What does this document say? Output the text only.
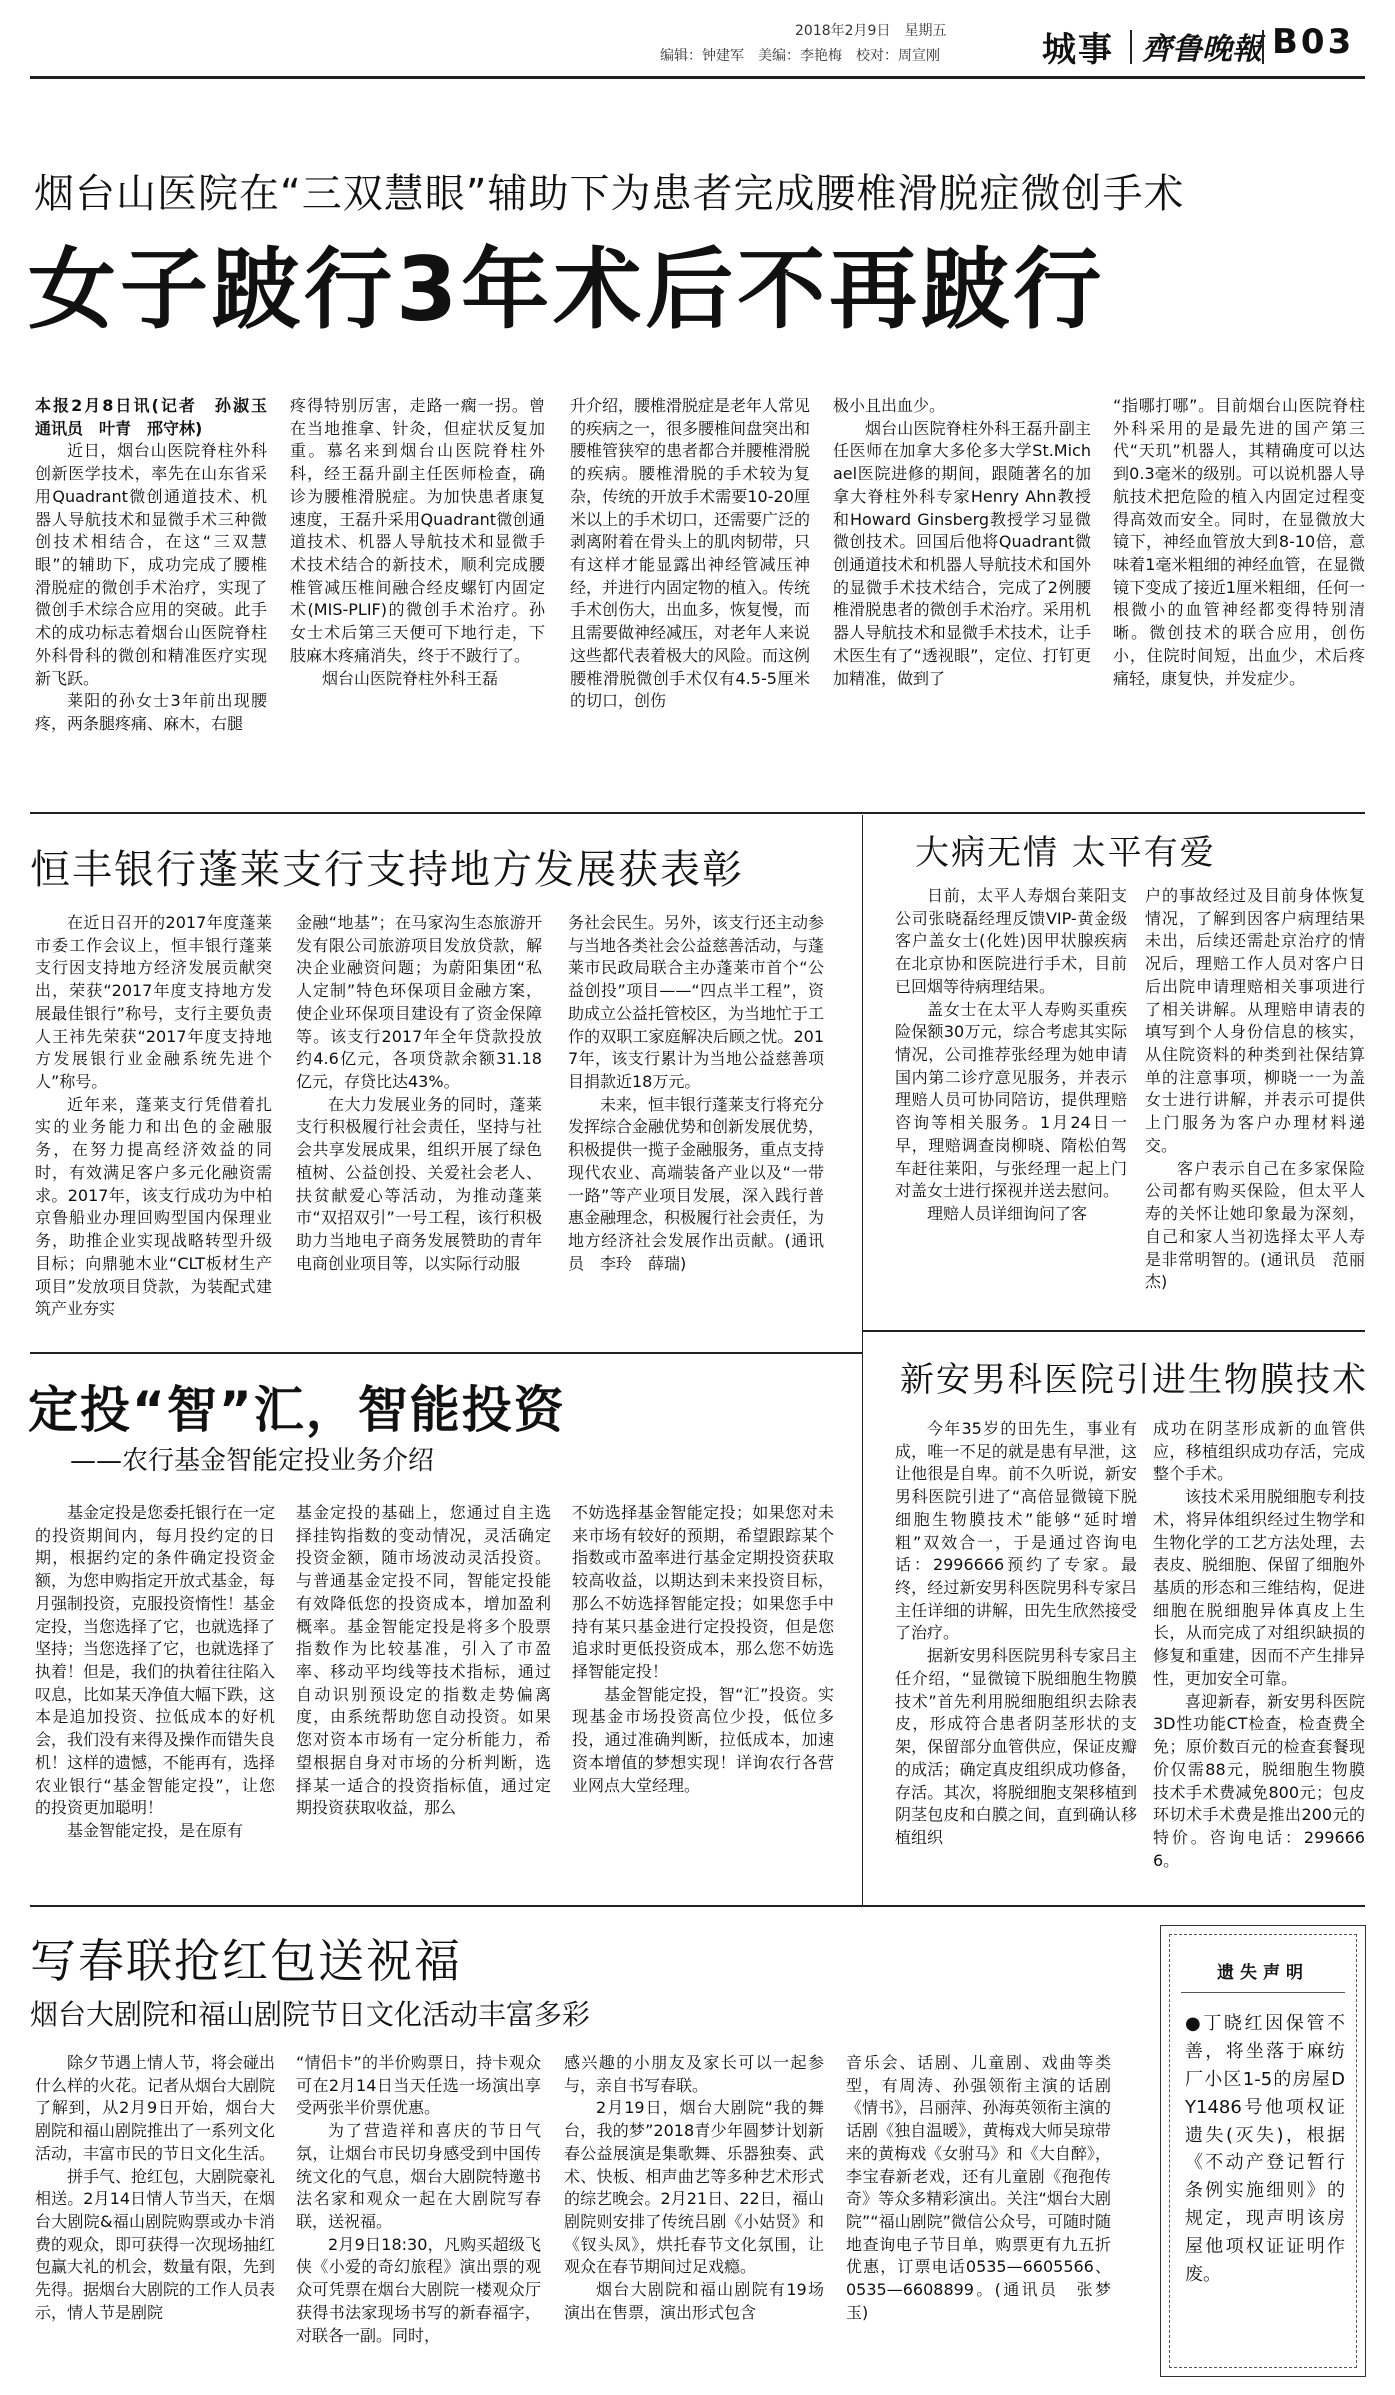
2018年2月9日　星期五
编辑：钟建军　美编：李艳梅　校对：周宣刚	城事 齊鲁晚報 B03
烟台山医院在“三双慧眼”辅助下为患者完成腰椎滑脱症微创手术
女子跛行3年术后不再跛行

本报2月8日讯(记者　孙淑玉　通讯员　叶青　邢守林)

近日，烟台山医院脊柱外科创新医学技术，率先在山东省采用Quadrant微创通道技术、机器人导航技术和显微手术三种微创技术相结合，在这“三双慧眼”的辅助下，成功完成了腰椎滑脱症的微创手术治疗，实现了微创手术综合应用的突破。此手术的成功标志着烟台山医院脊柱外科骨科的微创和精准医疗实现新飞跃。

莱阳的孙女士3年前出现腰疼，两条腿疼痛、麻木，右腿

疼得特别厉害，走路一瘸一拐。曾在当地推拿、针灸，但症状反复加重。慕名来到烟台山医院脊柱外科，经王磊升副主任医师检查，确诊为腰椎滑脱症。为加快患者康复速度，王磊升采用Quadrant微创通道技术、机器人导航技术和显微手术技术结合的新技术，顺利完成腰椎管减压椎间融合经皮螺钉内固定术(MIS-PLIF)的微创手术治疗。孙女士术后第三天便可下地行走，下肢麻木疼痛消失，终于不跛行了。

烟台山医院脊柱外科王磊

升介绍，腰椎滑脱症是老年人常见的疾病之一，很多腰椎间盘突出和腰椎管狭窄的患者都合并腰椎滑脱的疾病。腰椎滑脱的手术较为复杂，传统的开放手术需要10-20厘米以上的手术切口，还需要广泛的剥离附着在骨头上的肌肉韧带，只有这样才能显露出神经管减压神经，并进行内固定物的植入。传统手术创伤大，出血多，恢复慢，而且需要做神经减压，对老年人来说这些都代表着极大的风险。而这例腰椎滑脱微创手术仅有4.5-5厘米的切口，创伤

极小且出血少。

烟台山医院脊柱外科王磊升副主任医师在加拿大多伦多大学St.Michael医院进修的期间，跟随著名的加拿大脊柱外科专家Henry Ahn教授和Howard Ginsberg教授学习显微微创技术。回国后他将Quadrant微创通道技术和机器人导航技术和国外的显微手术技术结合，完成了2例腰椎滑脱患者的微创手术治疗。采用机器人导航技术和显微手术技术，让手术医生有了“透视眼”，定位、打钉更加精准，做到了

“指哪打哪”。目前烟台山医院脊柱外科采用的是最先进的国产第三代“天玑”机器人，其精确度可以达到0.3毫米的级别。可以说机器人导航技术把危险的植入内固定过程变得高效而安全。同时，在显微放大镜下，神经血管放大到8-10倍，意味着1毫米粗细的神经血管，在显微镜下变成了接近1厘米粗细，任何一根微小的血管神经都变得特别清晰。微创技术的联合应用，创伤小，住院时间短，出血少，术后疼痛轻，康复快，并发症少。

恒丰银行蓬莱支行支持地方发展获表彰

在近日召开的2017年度蓬莱市委工作会议上，恒丰银行蓬莱支行因支持地方经济发展贡献突出，荣获“2017年度支持地方发展最佳银行”称号，支行主要负责人王祎先荣获“2017年度支持地方发展银行业金融系统先进个人”称号。

近年来，蓬莱支行凭借着扎实的业务能力和出色的金融服务，在努力提高经济效益的同时，有效满足客户多元化融资需求。2017年，该支行成功为中柏京鲁船业办理回购型国内保理业务，助推企业实现战略转型升级目标；向鼎驰木业“CLT板材生产项目”发放项目贷款，为装配式建筑产业夯实

金融“地基”；在马家沟生态旅游开发有限公司旅游项目发放贷款，解决企业融资问题；为蔚阳集团“私人定制”特色环保项目金融方案，使企业环保项目建设有了资金保障等。该支行2017年全年贷款投放约4.6亿元，各项贷款余额31.18亿元，存贷比达43%。

在大力发展业务的同时，蓬莱支行积极履行社会责任，坚持与社会共享发展成果，组织开展了绿色植树、公益创投、关爱社会老人、扶贫献爱心等活动，为推动蓬莱市“双招双引”一号工程，该行积极助力当地电子商务发展赞助的青年电商创业项目等，以实际行动服

务社会民生。另外，该支行还主动参与当地各类社会公益慈善活动，与蓬莱市民政局联合主办蓬莱市首个“公益创投”项目——“四点半工程”，资助成立公益托管校区，为当地忙于工作的双职工家庭解决后顾之忧。2017年，该支行累计为当地公益慈善项目捐款近18万元。

未来，恒丰银行蓬莱支行将充分发挥综合金融优势和创新发展优势，积极提供一揽子金融服务，重点支持现代农业、高端装备产业以及“一带一路”等产业项目发展，深入践行普惠金融理念，积极履行社会责任，为地方经济社会发展作出贡献。(通讯员　李玲　薛瑞)

大病无情 太平有爱

日前，太平人寿烟台莱阳支公司张晓磊经理反馈VIP-黄金级客户盖女士(化姓)因甲状腺疾病在北京协和医院进行手术，目前已回烟等待病理结果。

盖女士在太平人寿购买重疾险保额30万元，综合考虑其实际情况，公司推荐张经理为她申请国内第二诊疗意见服务，并表示理赔人员可协同陪访，提供理赔咨询等相关服务。1月24日一早，理赔调查岗柳晓、隋松伯驾车赶往莱阳，与张经理一起上门对盖女士进行探视并送去慰问。

理赔人员详细询问了客

户的事故经过及目前身体恢复情况，了解到因客户病理结果未出，后续还需赴京治疗的情况后，理赔工作人员对客户日后出院申请理赔相关事项进行了相关讲解。从理赔申请表的填写到个人身份信息的核实，从住院资料的种类到社保结算单的注意事项，柳晓一一为盖女士进行讲解，并表示可提供上门服务为客户办理材料递交。

客户表示自己在多家保险公司都有购买保险，但太平人寿的关怀让她印象最为深刻，自己和家人当初选择太平人寿是非常明智的。(通讯员　范丽杰)

定投“智”汇，智能投资
——农行基金智能定投业务介绍

基金定投是您委托银行在一定的投资期间内，每月投约定的日期，根据约定的条件确定投资金额，为您申购指定开放式基金，每月强制投资，克服投资惰性！基金定投，当您选择了它，也就选择了坚持；当您选择了它，也就选择了执着！但是，我们的执着往往陷入叹息，比如某天净值大幅下跌，这本是追加投资、拉低成本的好机会，我们没有来得及操作而错失良机！这样的遗憾，不能再有，选择农业银行“基金智能定投”，让您的投资更加聪明！

基金智能定投，是在原有

基金定投的基础上，您通过自主选择挂钩指数的变动情况，灵活确定投资金额，随市场波动灵活投资。与普通基金定投不同，智能定投能有效降低您的投资成本，增加盈利概率。基金智能定投是将多个股票指数作为比较基准，引入了市盈率、移动平均线等技术指标，通过自动识别预设定的指数走势偏离度，由系统帮助您自动投资。如果您对资本市场有一定分析能力，希望根据自身对市场的分析判断，选择某一适合的投资指标值，通过定期投资获取收益，那么

不妨选择基金智能定投；如果您对未来市场有较好的预期，希望跟踪某个指数或市盈率进行基金定期投资获取较高收益，以期达到未来投资目标，那么不妨选择智能定投；如果您手中持有某只基金进行定投投资，但是您追求时更低投资成本，那么您不妨选择智能定投！

基金智能定投，智“汇”投资。实现基金市场投资高位少投，低位多投，通过准确判断，拉低成本，加速资本增值的梦想实现！详询农行各营业网点大堂经理。

新安男科医院引进生物膜技术

今年35岁的田先生，事业有成，唯一不足的就是患有早泄，这让他很是自卑。前不久听说，新安男科医院引进了“高倍显微镜下脱细胞生物膜技术”能够“延时增粗”双效合一，于是通过咨询电话：2996666预约了专家。最终，经过新安男科医院男科专家吕主任详细的讲解，田先生欣然接受了治疗。

据新安男科医院男科专家吕主任介绍，“显微镜下脱细胞生物膜技术”首先利用脱细胞组织去除表皮，形成符合患者阴茎形状的支架，保留部分血管供应，保证皮瓣的成活；确定真皮组织成功修备，存活。其次，将脱细胞支架移植到阴茎包皮和白膜之间，直到确认移植组织

成功在阴茎形成新的血管供应，移植组织成功存活，完成整个手术。

该技术采用脱细胞专利技术，将异体组织经过生物学和生物化学的工艺方法处理，去表皮、脱细胞、保留了细胞外基质的形态和三维结构，促进细胞在脱细胞异体真皮上生长，从而完成了对组织缺损的修复和重建，因而不产生排异性，更加安全可靠。

喜迎新春，新安男科医院3D性功能CT检查，检查费全免；原价数百元的检查套餐现价仅需88元，脱细胞生物膜技术手术费减免800元；包皮环切术手术费是推出200元的特价。咨询电话：2996666。

写春联抢红包送祝福
烟台大剧院和福山剧院节日文化活动丰富多彩

除夕节遇上情人节，将会碰出什么样的火花。记者从烟台大剧院了解到，从2月9日开始，烟台大剧院和福山剧院推出了一系列文化活动，丰富市民的节日文化生活。

拼手气、抢红包，大剧院豪礼相送。2月14日情人节当天，在烟台大剧院&福山剧院购票或办卡消费的观众，即可获得一次现场抽红包赢大礼的机会，数量有限，先到先得。据烟台大剧院的工作人员表示，情人节是剧院

“情侣卡”的半价购票日，持卡观众可在2月14日当天任选一场演出享受两张半价票优惠。

为了营造祥和喜庆的节日气氛，让烟台市民切身感受到中国传统文化的气息，烟台大剧院特邀书法名家和观众一起在大剧院写春联，送祝福。

2月9日18:30，凡购买超级飞侠《小爱的奇幻旅程》演出票的观众可凭票在烟台大剧院一楼观众厅获得书法家现场书写的新春福字，对联各一副。同时，

感兴趣的小朋友及家长可以一起参与，亲自书写春联。

2月19日，烟台大剧院“我的舞台，我的梦”2018青少年圆梦计划新春公益展演是集歌舞、乐器独奏、武术、快板、相声曲艺等多种艺术形式的综艺晚会。2月21日、22日，福山剧院则安排了传统吕剧《小姑贤》和《钗头凤》，烘托春节文化氛围，让观众在春节期间过足戏瘾。

烟台大剧院和福山剧院有19场演出在售票，演出形式包含

音乐会、话剧、儿童剧、戏曲等类型，有周涛、孙强领衔主演的话剧《情书》，吕丽萍、孙海英领衔主演的话剧《独自温暖》，黄梅戏大师吴琼带来的黄梅戏《女驸马》和《大自醉》，李宝春新老戏，还有儿童剧《孢孢传奇》等众多精彩演出。关注“烟台大剧院”“福山剧院”微信公众号，可随时随地查询电子节目单，购票更有九五折优惠，订票电话0535—6605566、0535—6608899。(通讯员　张梦玉)

遗失声明
●丁晓红因保管不善，将坐落于麻纺厂小区1-5的房屋DY1486号他项权证遗失(灭失)，根据《不动产登记暂行条例实施细则》的规定，现声明该房屋他项权证证明作废。
